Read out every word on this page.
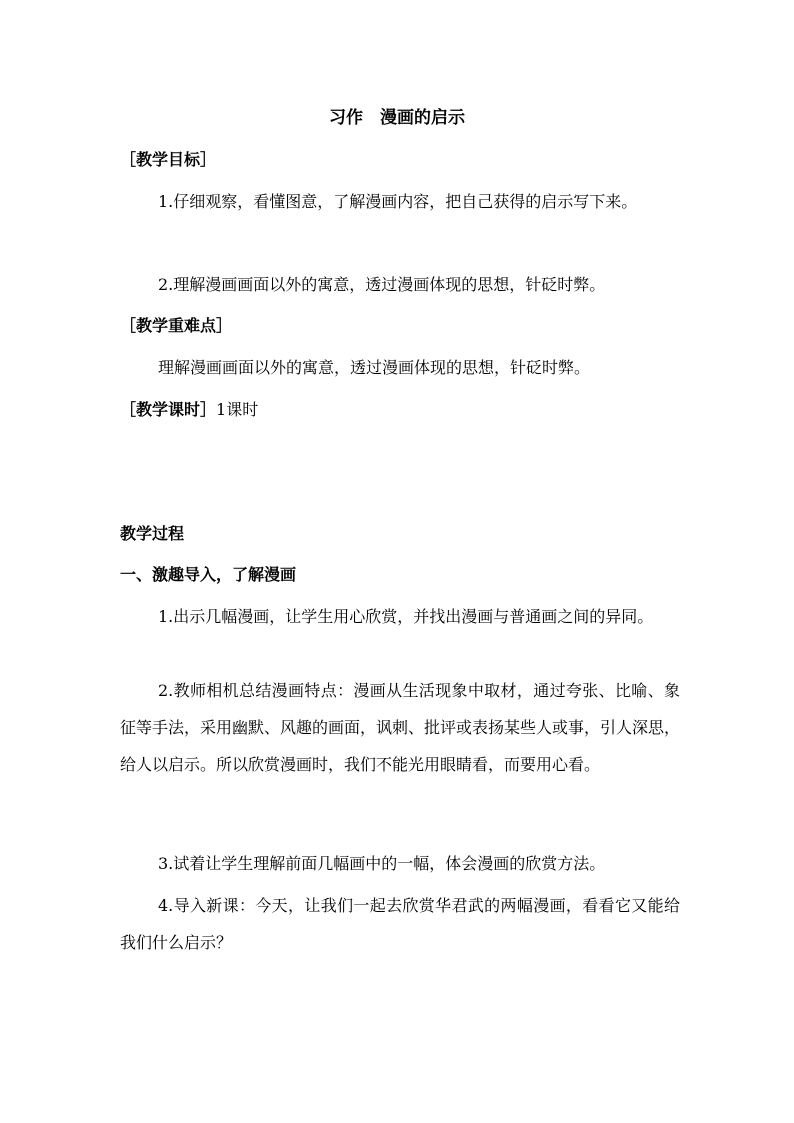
习作　漫画的启示
［教学目标］
1.仔细观察，看懂图意，了解漫画内容，把自己获得的启示写下来。
2.理解漫画画面以外的寓意，透过漫画体现的思想，针砭时弊。
［教学重难点］
理解漫画画面以外的寓意，透过漫画体现的思想，针砭时弊。
［教学课时］1课时
教学过程
一、激趣导入，了解漫画
1.出示几幅漫画，让学生用心欣赏，并找出漫画与普通画之间的异同。
2.教师相机总结漫画特点：漫画从生活现象中取材，通过夸张、比喻、象征等手法，采用幽默、风趣的画面，讽刺、批评或表扬某些人或事，引人深思，给人以启示。所以欣赏漫画时，我们不能光用眼睛看，而要用心看。
3.试着让学生理解前面几幅画中的一幅，体会漫画的欣赏方法。
4.导入新课：今天，让我们一起去欣赏华君武的两幅漫画，看看它又能给我们什么启示？
